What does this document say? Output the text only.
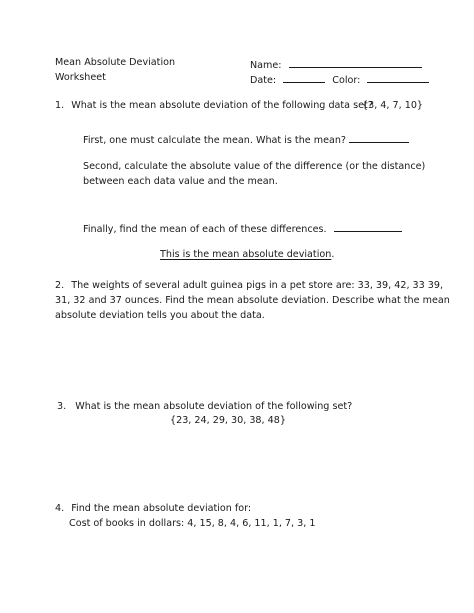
Mean Absolute Deviation
Worksheet
Name:
Date:	Color:
1. What is the mean absolute deviation of the following data set?
{3, 4, 7, 10}
First, one must calculate the mean. What is the mean?
Second, calculate the absolute value of the difference (or the distance)
between each data value and the mean.
Finally, find the mean of each of these differences.
This is the mean absolute deviation.
2. The weights of several adult guinea pigs in a pet store are: 33, 39, 42, 33 39,
31, 32 and 37 ounces. Find the mean absolute deviation. Describe what the mean
absolute deviation tells you about the data.
3. What is the mean absolute deviation of the following set?
{23, 24, 29, 30, 38, 48}
4. Find the mean absolute deviation for:
Cost of books in dollars: 4, 15, 8, 4, 6, 11, 1, 7, 3, 1
